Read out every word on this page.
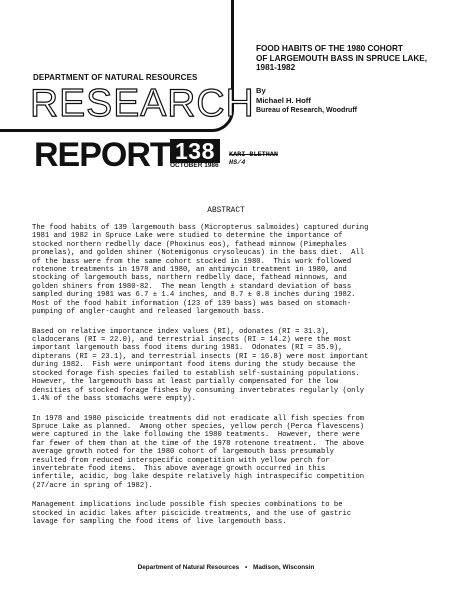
DEPARTMENT OF NATURAL RESOURCES
RESEARCH
FOOD HABITS OF THE 1980 COHORT
OF LARGEMOUTH BASS IN SPRUCE LAKE,
1981-1982
By
Michael H. Hoff
Bureau of Research, Woodruff
REPORT 138
OCTOBER 1986
KARI BLETHAN
HS/4
ABSTRACT
The food habits of 139 largemouth bass (Micropterus salmoides) captured during
1981 and 1982 in Spruce Lake were studied to determine the importance of
stocked northern redbelly dace (Phoxinus eos), fathead minnow (Pimephales
promelas), and golden shiner (Notemigonus crysoleucas) in the bass diet.  All
of the bass were from the same cohort stocked in 1980.  This work followed
rotenone treatments in 1978 and 1980, an antimycin treatment in 1980, and
stocking of largemouth bass, northern redbelly dace, fathead minnows, and
golden shiners from 1980-82.  The mean length ± standard deviation of bass
sampled during 1981 was 6.7 ± 1.4 inches, and 8.7 ± 0.8 inches during 1982.
Most of the food habit information (123 of 139 bass) was based on stomach-
pumping of angler-caught and released largemouth bass.
Based on relative importance index values (RI), odonates (RI = 31.3),
cladocerans (RI = 22.0), and terrestrial insects (RI = 14.2) were the most
important largemouth bass food items during 1981.  Odonates (RI = 35.9),
dipterans (RI = 23.1), and terrestrial insects (RI = 16.8) were most important
during 1982.  Fish were unimportant food items during the study because the
stocked forage fish species failed to establish self-sustaining populations.
However, the largemouth bass at least partially compensated for the low
densities of stocked forage fishes by consuming invertebrates regularly (only
1.4% of the bass stomachs were empty).
In 1978 and 1980 piscicide treatments did not eradicate all fish species from
Spruce Lake as planned.  Among other species, yellow perch (Perca flavescens)
were captured in the lake following the 1980 teatments.  However, there were
far fewer of them than at the time of the 1978 rotenone treatment.  The above
average growth noted for the 1980 cohort of largemouth bass presumably
resulted from reduced interspecific competition with yellow perch for
invertebrate food items.  This above average growth occurred in this
infertile, acidic, bog lake despite relatively high intraspecific competition
(27/acre in spring of 1982).
Management implications include possible fish species combinations to be
stocked in acidic lakes after piscicide treatments, and the use of gastric
lavage for sampling the food items of live largemouth bass.
Department of Natural Resources • Madison, Wisconsin
